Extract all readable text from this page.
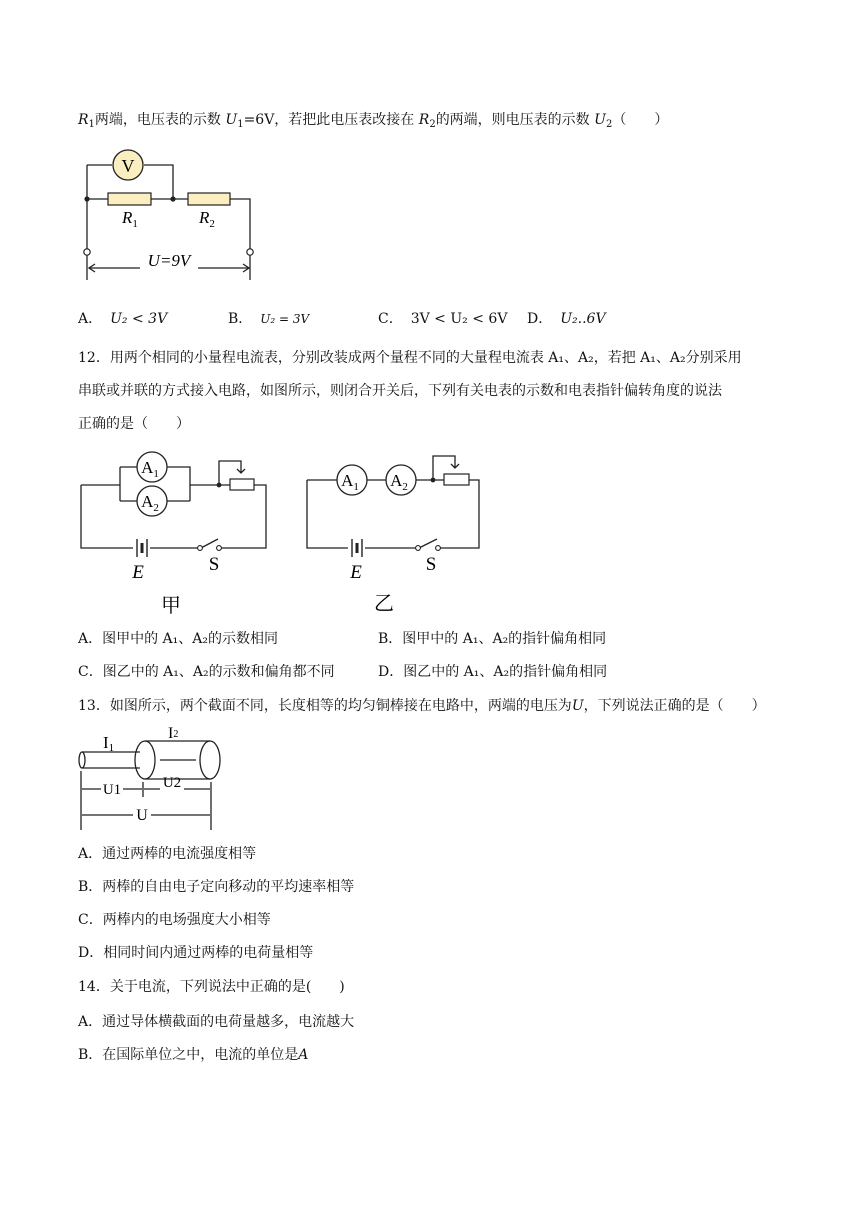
$R_1$两端，电压表的示数 $U_1=6V$，若把此电压表改接在 $R_2$的两端，则电压表的示数 $U_2$（　　）
V
$R_1$	$R_2$
U=9V
A． U₂ < 3V	B． U₂ = 3V	C． 3V < U₂ < 6V D． U₂..6V
12．用两个相同的小量程电流表，分别改装成两个量程不同的大量程电流表 A₁、A₂，若把 A₁、A₂分别采用
串联或并联的方式接入电路，如图所示，则闭合开关后，下列有关电表的示数和电表指针偏转角度的说法
正确的是（　　）
$A_1$
$A_2$
E	S
甲
$A_1$ $A_2$
E	S
乙
A．图甲中的 A₁、A₂的示数相同	B．图甲中的 A₁、A₂的指针偏角相同
C．图乙中的 A₁、A₂的示数和偏角都不同	D．图乙中的 A₁、A₂的指针偏角相同
13．如图所示，两个截面不同，长度相等的均匀铜棒接在电路中，两端的电压为U，下列说法正确的是（　　）
I1
I2
U1	U2
U
A．通过两棒的电流强度相等
B．两棒的自由电子定向移动的平均速率相等
C．两棒内的电场强度大小相等
D．相同时间内通过两棒的电荷量相等
14．关于电流，下列说法中正确的是(　　)
A．通过导体横截面的电荷量越多，电流越大
B．在国际单位之中，电流的单位是A
